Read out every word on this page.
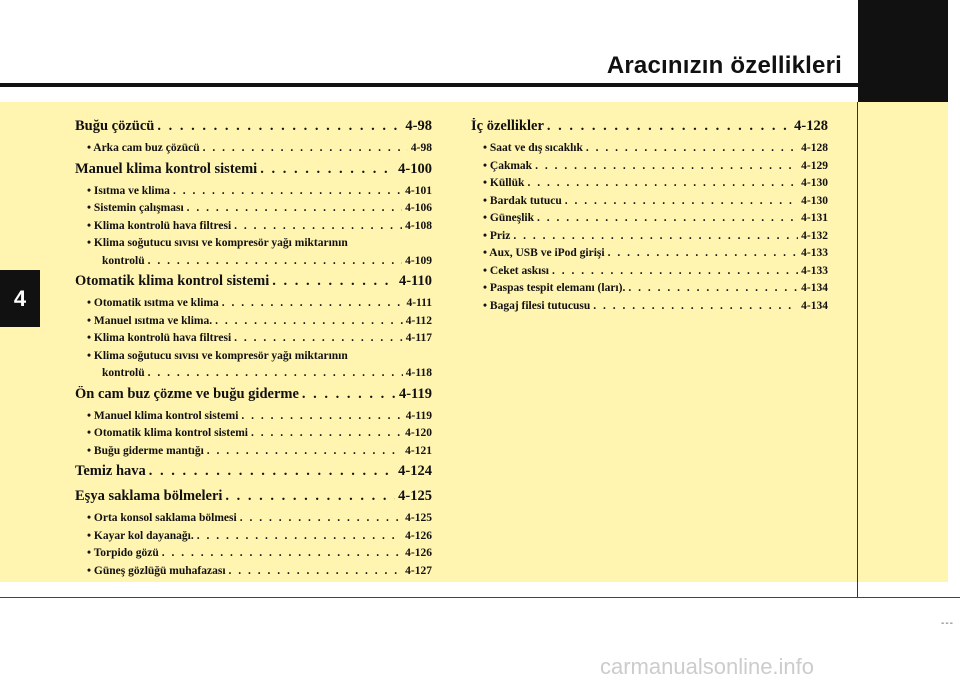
Aracınızın özellikleri
4
Buğu çözücü . . .	4-98
• Arka cam buz çözücü . . .	4-98
Manuel klima kontrol sistemi . . .	4-100
• Isıtma ve klima . . .	4-101
• Sistemin çalışması . . .	4-106
• Klima kontrolü hava filtresi . . .	4-108
• Klima soğutucu sıvısı ve kompresör yağı miktarının
kontrolü . . .	4-109
Otomatik klima kontrol sistemi . . .	4-110
• Otomatik ısıtma ve klima . . .	4-111
• Manuel ısıtma ve klima. . . .	4-112
• Klima kontrolü hava filtresi . . .	4-117
• Klima soğutucu sıvısı ve kompresör yağı miktarının
kontrolü . . .	4-118
Ön cam buz çözme ve buğu giderme . . .	4-119
• Manuel klima kontrol sistemi . . .	4-119
• Otomatik klima kontrol sistemi . . .	4-120
• Buğu giderme mantığı . . .	4-121
Temiz hava . . .	4-124
Eşya saklama bölmeleri . . .	4-125
• Orta konsol saklama bölmesi . . .	4-125
• Kayar kol dayanağı. . . .	4-126
• Torpido gözü . . .	4-126
• Güneş gözlüğü muhafazası . . .	4-127
İç özellikler . . .	4-128
• Saat ve dış sıcaklık . . .	4-128
• Çakmak . . .	4-129
• Küllük . . .	4-130
• Bardak tutucu . . .	4-130
• Güneşlik . . .	4-131
• Priz . . .	4-132
• Aux, USB ve iPod girişi . . .	4-133
• Ceket askısı . . .	4-133
• Paspas tespit elemanı (ları). . . .	4-134
• Bagaj filesi tutucusu . . .	4-134
---
carmanualsonline.info
